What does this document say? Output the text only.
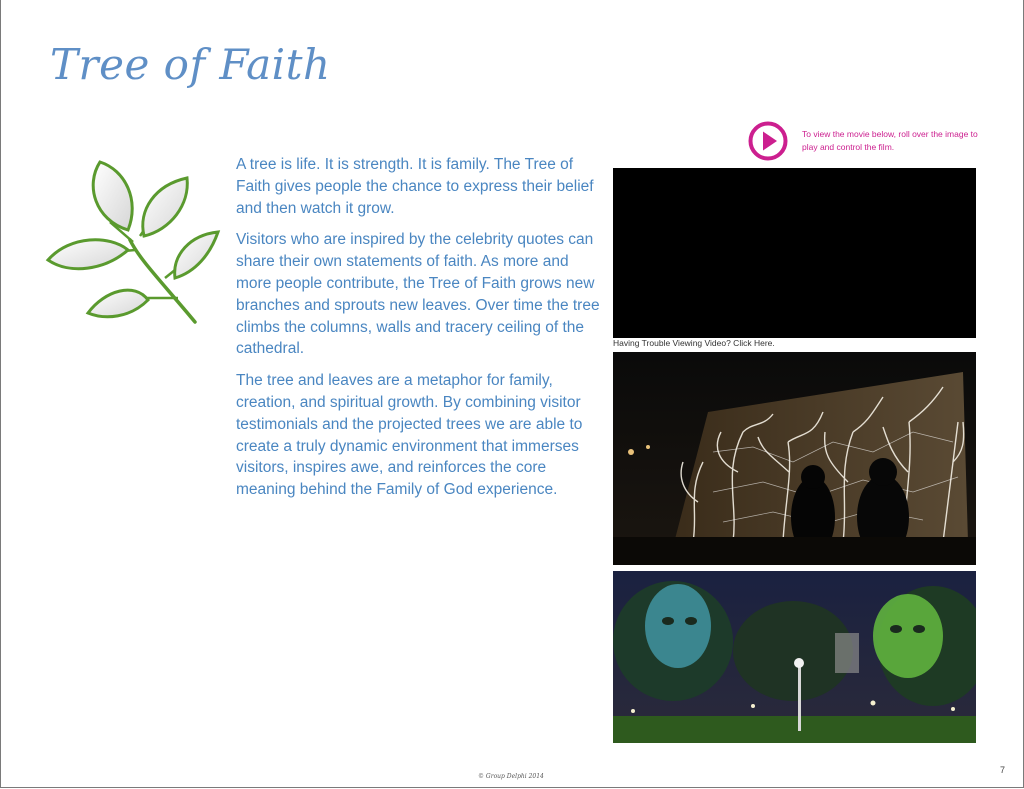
Tree of Faith

A tree is life. It is strength. It is family. The Tree of Faith gives people the chance to express their belief and then watch it grow.

Visitors who are inspired by the celebrity quotes can share their own statements of faith. As more and more people contribute, the Tree of Faith grows new branches and sprouts new leaves. Over time the tree climbs the columns, walls and tracery ceiling of the cathedral.

The tree and leaves are a metaphor for family, creation, and spiritual growth. By combining visitor testimonials and the projected trees we are able to create a truly dynamic environment that immerses visitors, inspires awe, and reinforces the core meaning behind the Family of God experience.

To view the movie below, roll over the image to play and control the film.
Having Trouble Viewing Video? Click Here.
© Group Delphi 2014
7
